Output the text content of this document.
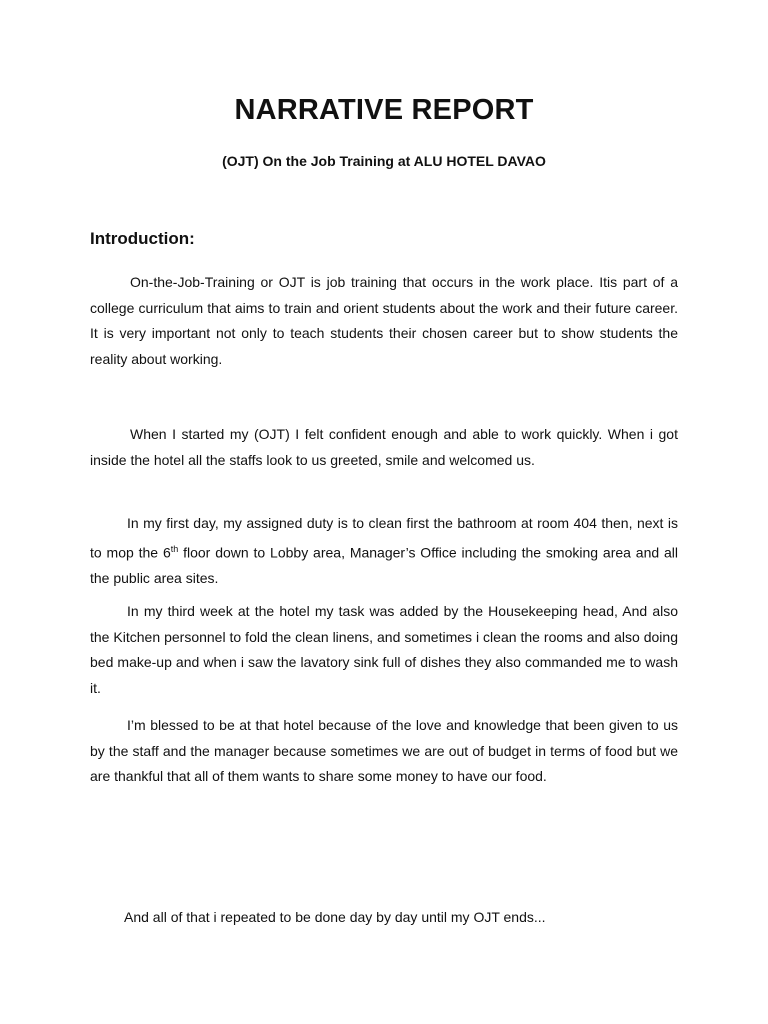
NARRATIVE REPORT

(OJT) On the Job Training at ALU HOTEL DAVAO

Introduction:

On-the-Job-Training or OJT is job training that occurs in the work place. Itis part of a college curriculum that aims to train and orient students about the work and their future career. It is very important not only to teach students their chosen career but to show students the reality about working.

When I started my (OJT) I felt confident enough and able to work quickly. When i got inside the hotel all the staffs look to us greeted, smile and welcomed us.

In my first day, my assigned duty is to clean first the bathroom at room 404 then, next is to mop the 6th floor down to Lobby area, Manager’s Office including the smoking area and all the public area sites.

In my third week at the hotel my task was added by the Housekeeping head, And also the Kitchen personnel to fold the clean linens, and sometimes i clean the rooms and also doing bed make-up and when i saw the lavatory sink full of dishes they also commanded me to wash it.

I’m blessed to be at that hotel because of the love and knowledge that been given to us by the staff and the manager because sometimes we are out of budget in terms of food but we are thankful that all of them wants to share some money to have our food.

And all of that i repeated to be done day by day until my OJT ends...
